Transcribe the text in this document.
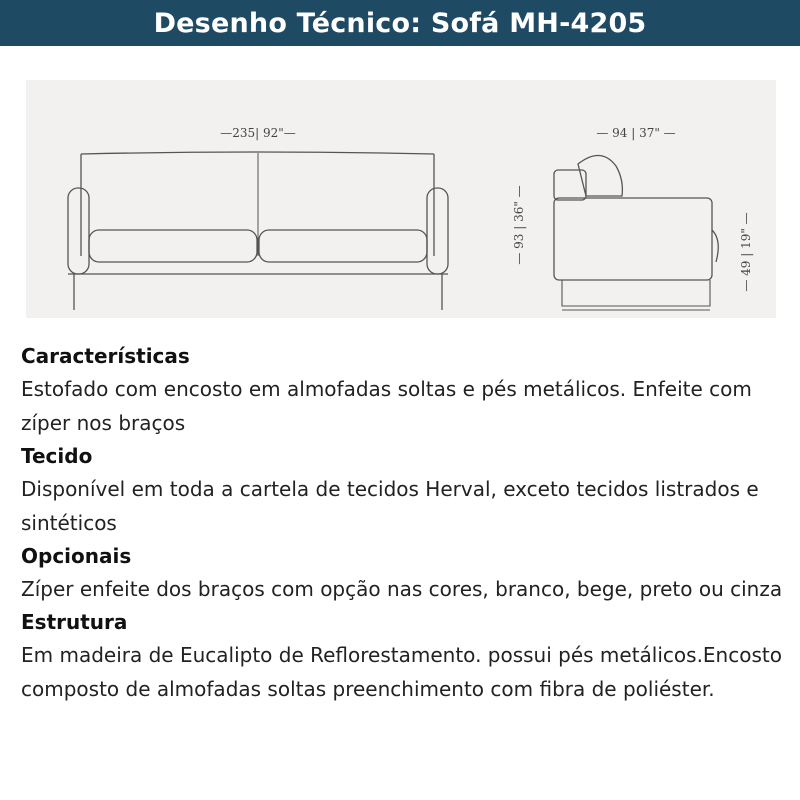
Desenho Técnico: Sofá MH-4205
—235| 92"—	— 94 | 37" —
— 93 | 36" —	— 49 | 19" —

Características

Estofado com encosto em almofadas soltas e pés metálicos. Enfeite com zíper nos braços

Tecido

Disponível em toda a cartela de tecidos Herval, exceto tecidos listrados e sintéticos

Opcionais

Zíper enfeite dos braços com opção nas cores, branco, bege, preto ou cinza

Estrutura

Em madeira de Eucalipto de Reflorestamento. possui pés metálicos.Encosto composto de almofadas soltas preenchimento com fibra de poliéster.
